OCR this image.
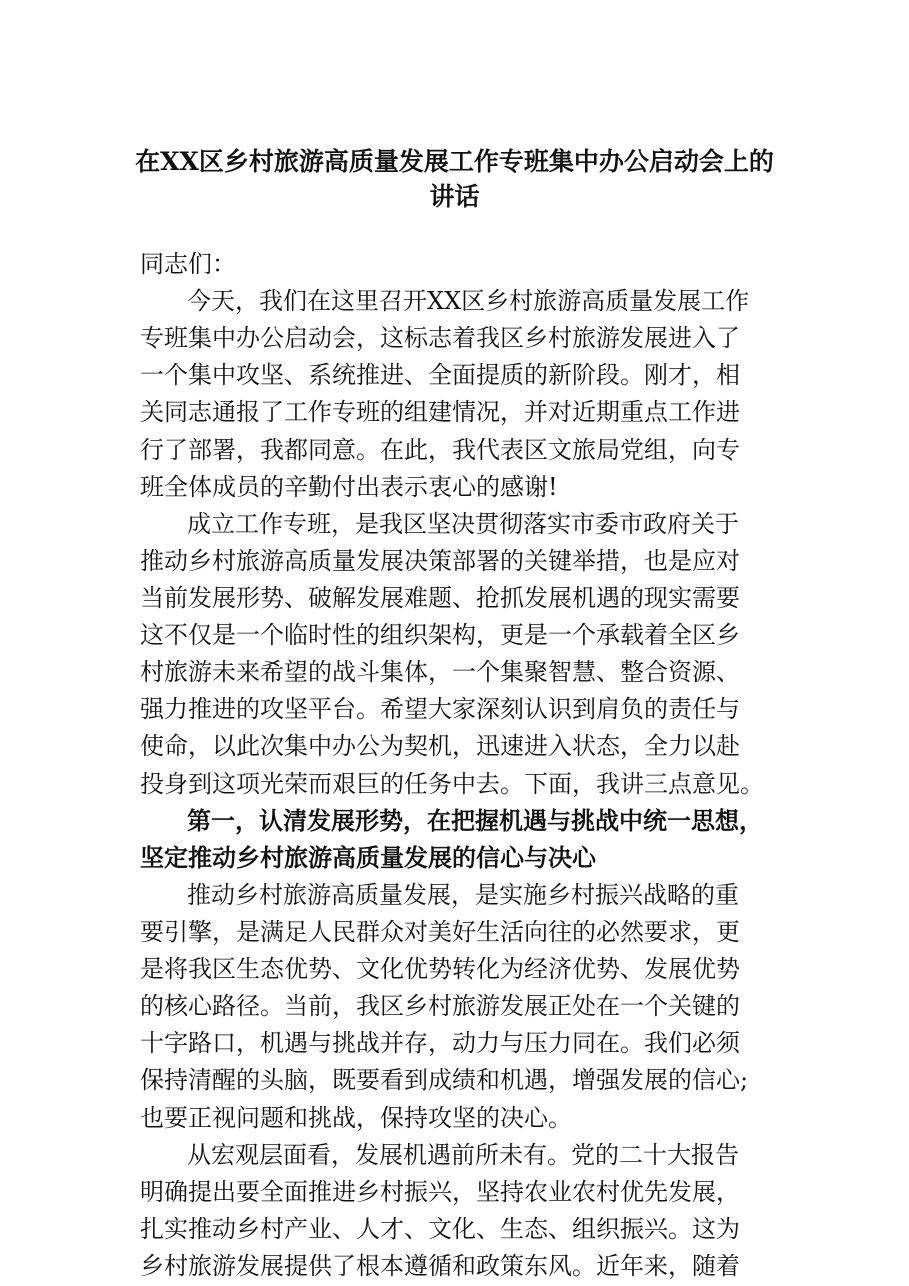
在XX区乡村旅游高质量发展工作专班集中办公启动会上的
讲话
同志们：
今天，我们在这里召开XX区乡村旅游高质量发展工作
专班集中办公启动会，这标志着我区乡村旅游发展进入了
一个集中攻坚、系统推进、全面提质的新阶段。刚才，相
关同志通报了工作专班的组建情况，并对近期重点工作进
行了部署，我都同意。在此，我代表区文旅局党组，向专
班全体成员的辛勤付出表示衷心的感谢!
成立工作专班，是我区坚决贯彻落实市委市政府关于
推动乡村旅游高质量发展决策部署的关键举措，也是应对
当前发展形势、破解发展难题、抢抓发展机遇的现实需要
这不仅是一个临时性的组织架构，更是一个承载着全区乡
村旅游未来希望的战斗集体，一个集聚智慧、整合资源、
强力推进的攻坚平台。希望大家深刻认识到肩负的责任与
使命，以此次集中办公为契机，迅速进入状态，全力以赴
投身到这项光荣而艰巨的任务中去。下面，我讲三点意见。
第一，认清发展形势，在把握机遇与挑战中统一思想，
坚定推动乡村旅游高质量发展的信心与决心
推动乡村旅游高质量发展，是实施乡村振兴战略的重
要引擎，是满足人民群众对美好生活向往的必然要求，更
是将我区生态优势、文化优势转化为经济优势、发展优势
的核心路径。当前，我区乡村旅游发展正处在一个关键的
十字路口，机遇与挑战并存，动力与压力同在。我们必须
保持清醒的头脑，既要看到成绩和机遇，增强发展的信心;
也要正视问题和挑战，保持攻坚的决心。
从宏观层面看，发展机遇前所未有。党的二十大报告
明确提出要全面推进乡村振兴，坚持农业农村优先发展，
扎实推动乡村产业、人才、文化、生态、组织振兴。这为
乡村旅游发展提供了根本遵循和政策东风。近年来，随着
